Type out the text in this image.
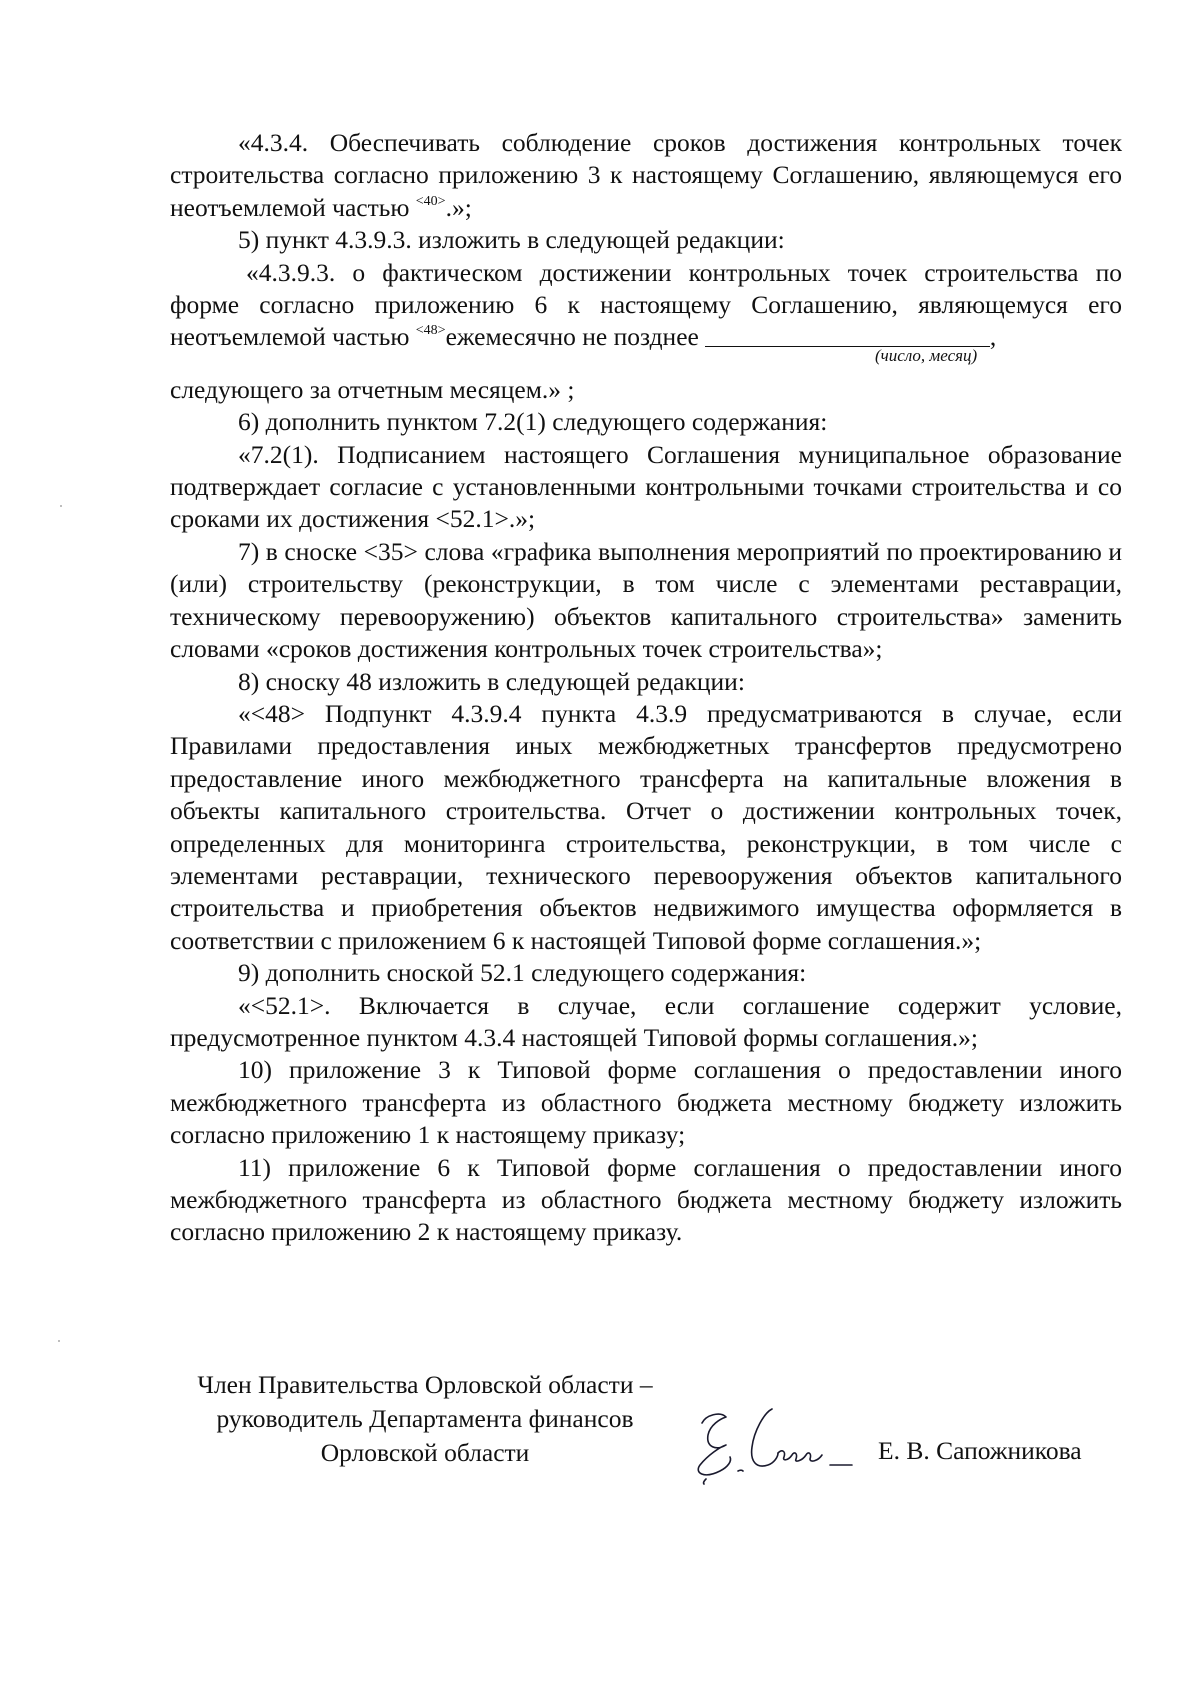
«4.3.4. Обеспечивать соблюдение сроков достижения контрольных точек строительства согласно приложению 3 к настоящему Соглашению, являющемуся его неотъемлемой частью $^{<40>}$.»;

5) пункт 4.3.9.3. изложить в следующей редакции:

«4.3.9.3. о фактическом достижении контрольных точек строительства по форме согласно приложению 6 к настоящему Соглашению, являющемуся его неотъемлемой частью $^{<48>}$ежемесячно не позднее	,

(число, месяц)

следующего за отчетным месяцем.» ;

6) дополнить пунктом 7.2(1) следующего содержания:

«7.2(1). Подписанием настоящего Соглашения муниципальное образование подтверждает согласие с установленными контрольными точками строительства и со сроками их достижения <52.1>.»;

7) в сноске <35> слова «графика выполнения мероприятий по проектированию и (или) строительству (реконструкции, в том числе с элементами реставрации, техническому перевооружению) объектов капитального строительства» заменить словами «сроков достижения контрольных точек строительства»;

8) сноску 48 изложить в следующей редакции:

«<48> Подпункт 4.3.9.4 пункта 4.3.9 предусматриваются в случае, если Правилами предоставления иных межбюджетных трансфертов предусмотрено предоставление иного межбюджетного трансферта на капитальные вложения в объекты капитального строительства. Отчет о достижении контрольных точек, определенных для мониторинга строительства, реконструкции, в том числе с элементами реставрации, технического перевооружения объектов капитального строительства и приобретения объектов недвижимого имущества оформляется в соответствии с приложением 6 к настоящей Типовой форме соглашения.»;

9) дополнить сноской 52.1 следующего содержания:

«<52.1>. Включается в случае, если соглашение содержит условие, предусмотренное пунктом 4.3.4 настоящей Типовой формы соглашения.»;

10) приложение 3 к Типовой форме соглашения о предоставлении иного межбюджетного трансферта из областного бюджета местному бюджету изложить согласно приложению 1 к настоящему приказу;

11) приложение 6 к Типовой форме соглашения о предоставлении иного межбюджетного трансферта из областного бюджета местному бюджету изложить согласно приложению 2 к настоящему приказу.

Член Правительства Орловской области –
руководитель Департамента финансов
Орловской области	Е. В. Сапожникова
